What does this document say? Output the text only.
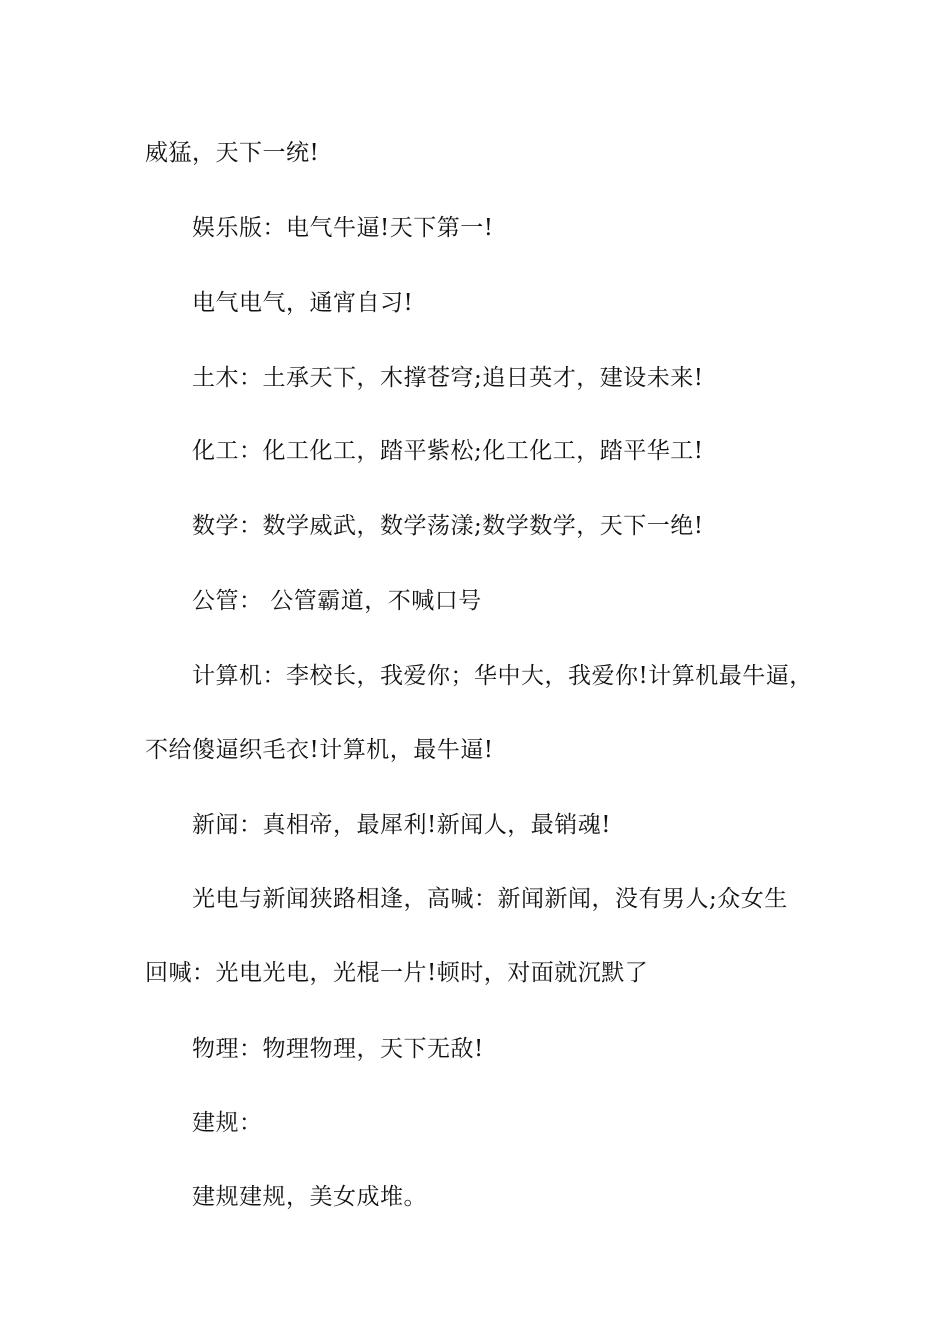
威猛，天下一统!
娱乐版：电气牛逼!天下第一!
电气电气，通宵自习!
土木：土承天下，木撑苍穹;追日英才，建设未来!
化工：化工化工，踏平紫松;化工化工，踏平华工!
数学：数学威武，数学荡漾;数学数学，天下一绝!
公管： 公管霸道，不喊口号
计算机：李校长，我爱你；华中大，我爱你!计算机最牛逼，
不给傻逼织毛衣!计算机，最牛逼!
新闻：真相帝，最犀利!新闻人，最销魂!
光电与新闻狭路相逢，高喊：新闻新闻，没有男人;众女生
回喊：光电光电，光棍一片!顿时，对面就沉默了
物理：物理物理，天下无敌!
建规：
建规建规，美女成堆。
